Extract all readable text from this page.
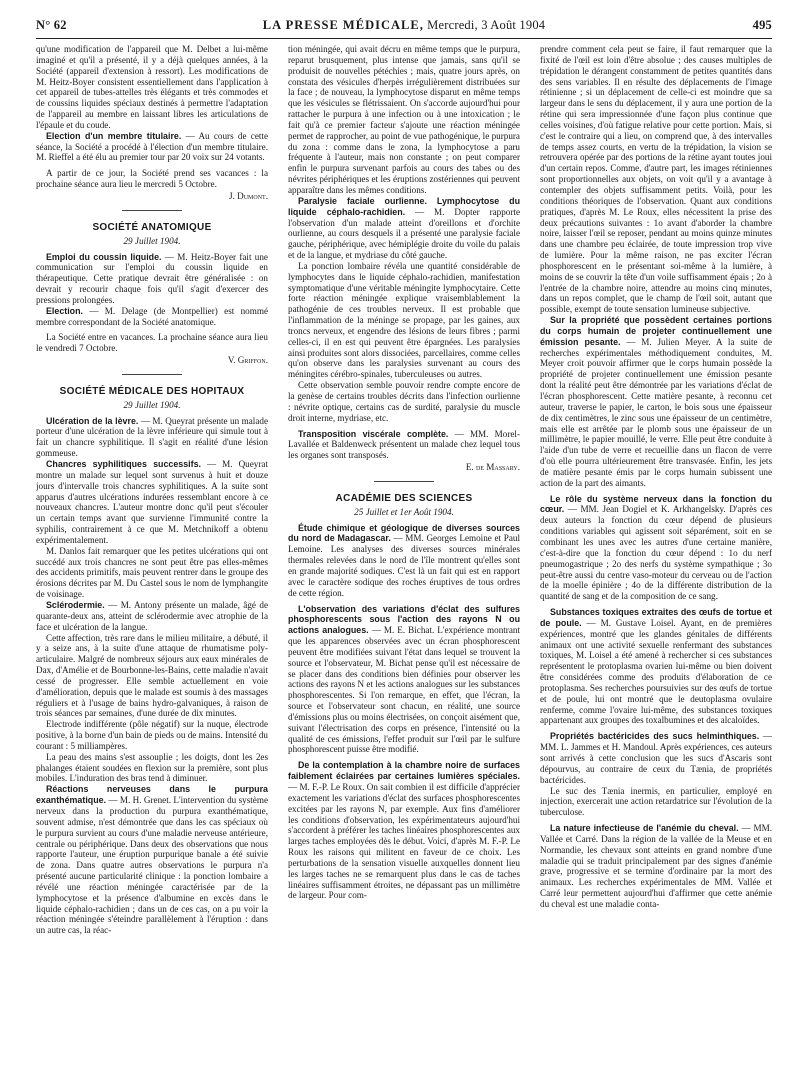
N° 62	LA PRESSE MÉDICALE, Mercredi, 3 Août 1904	495

qu'une modification de l'appareil que M. Delbet a lui-même imaginé et qu'il a présenté, il y a déjà quelques années, à la Société (appareil d'extension à ressort). Les modifications de M. Heitz-Boyer consistent essentiellement dans l'application à cet appareil de tubes-attelles très élégants et très commodes et de coussins liquides spéciaux destinés à permettre l'adaptation de l'appareil au membre en laissant libres les articulations de l'épaule et du coude.

Election d'un membre titulaire. — Au cours de cette séance, la Société a procédé à l'élection d'un membre titulaire. M. Rieffel a été élu au premier tour par 20 voix sur 24 votants.

A partir de ce jour, la Société prend ses vacances : la prochaine séance aura lieu le mercredi 5 Octobre.

J. Dumont.

SOCIÉTÉ ANATOMIQUE

29 Juillet 1904.

Emploi du coussin liquide. — M. Heitz-Boyer fait une communication sur l'emploi du coussin liquide en thérapeutique. Cette pratique devrait être généralisée : on devrait y recourir chaque fois qu'il s'agit d'exercer des pressions prolongées.

Election. — M. Delage (de Montpellier) est nommé membre correspondant de la Société anatomique.

La Société entre en vacances. La prochaine séance aura lieu le vendredi 7 Octobre.

V. Griffon.

SOCIÉTÉ MÉDICALE DES HOPITAUX

29 Juillet 1904.

Ulcération de la lèvre. — M. Queyrat présente un malade porteur d'une ulcération de la lèvre inférieure qui simule tout à fait un chancre syphilitique. Il s'agit en réalité d'une lésion gommeuse.

Chancres syphilitiques successifs. — M. Queyrat montre un malade sur lequel sont survenus à huit et douze jours d'intervalle trois chancres syphilitiques. A la suite sont apparus d'autres ulcérations indurées ressemblant encore à ce nouveaux chancres. L'auteur montre donc qu'il peut s'écouler un certain temps avant que survienne l'immunité contre la syphilis, contrairement à ce que M. Metchnikoff a obtenu expérimentalement.

M. Danlos fait remarquer que les petites ulcérations qui ont succédé aux trois chancres ne sont peut être pas elles-mêmes des accidents primitifs, mais peuvent rentrer dans le groupe des érosions décrites par M. Du Castel sous le nom de lymphangite de voisinage.

Sclérodermie. — M. Antony présente un malade, âgé de quarante-deux ans, atteint de sclérodermie avec atrophie de la face et ulcération de la langue.

Cette affection, très rare dans le milieu militaire, a débuté, il y a seize ans, à la suite d'une attaque de rhumatisme poly-articulaire. Malgré de nombreux séjours aux eaux minérales de Dax, d'Amélie et de Bourbonne-les-Bains, cette maladie n'avait cessé de progresser. Elle semble actuellement en voie d'amélioration, depuis que le malade est soumis à des massages réguliers et à l'usage de bains hydro-galvaniques, à raison de trois séances par semaines, d'une durée de dix minutes.

Electrode indifférente (pôle négatif) sur la nuque, électrode positive, à la borne d'un bain de pieds ou de mains. Intensité du courant : 5 milliampères.

La peau des mains s'est assouplie ; les doigts, dont les 2es phalanges étaient soudées en flexion sur la première, sont plus mobiles. L'induration des bras tend à diminuer.

Réactions nerveuses dans le purpura exanthématique. — M. H. Grenet. L'intervention du système nerveux dans la production du purpura exanthématique, souvent admise, n'est démontrée que dans les cas spéciaux où le purpura survient au cours d'une maladie nerveuse antérieure, centrale ou périphérique. Dans deux des observations que nous rapporte l'auteur, une éruption purpurique banale a été suivie de zona. Dans quatre autres observations le purpura n'a présenté aucune particularité clinique : la ponction lombaire a révélé une réaction méningée caractérisée par de la lymphocytose et la présence d'albumine en excès dans le liquide céphalo-rachidien ; dans un de ces cas, on a pu voir la réaction méningée s'éteindre parallèlement à l'éruption : dans un autre cas, la réac-

tion méningée, qui avait décru en même temps que le purpura, reparut brusquement, plus intense que jamais, sans qu'il se produisit de nouvelles pétéchies ; mais, quatre jours après, on constata des vésicules d'herpès irrégulièrement distribuées sur la face ; de nouveau, la lymphocytose disparut en même temps que les vésicules se flétrissaient. On s'accorde aujourd'hui pour rattacher le purpura à une infection ou à une intoxication ; le fait qu'à ce premier facteur s'ajoute une réaction méningée permet de rapprocher, au point de vue pathogénique, le purpura du zona : comme dans le zona, la lymphocytose a paru fréquente à l'auteur, mais non constante ; on peut comparer enfin le purpura survenant parfois au cours des tabes ou des névrites périphériques et les éruptions zostériennes qui peuvent apparaître dans les mêmes conditions.

Paralysie faciale ourlienne. Lymphocytose du liquide céphalo-rachidien. — M. Dopter rapporte l'observation d'un malade atteint d'oreillons et d'orchite ourlienne, au cours desquels il a présenté une paralysie faciale gauche, périphérique, avec hémiplégie droite du voile du palais et de la langue, et mydriase du côté gauche.

La ponction lombaire révéla une quantité considérable de lymphocytes dans le liquide céphalo-rachidien, manifestation symptomatique d'une véritable méningite lymphocytaire. Cette forte réaction méningée explique vraisemblablement la pathogénie de ces troubles nerveux. Il est probable que l'inflammation de la méninge se propage, par les gaines, aux troncs nerveux, et engendre des lésions de leurs fibres ; parmi celles-ci, il en est qui peuvent être épargnées. Les paralysies ainsi produites sont alors dissociées, parcellaires, comme celles qu'on observe dans les paralysies survenant au cours des méningites cérébro-spinales, tuberculeuses ou autres.

Cette observation semble pouvoir rendre compte encore de la genèse de certains troubles décrits dans l'infection ourlienne : névrite optique, certains cas de surdité, paralysie du muscle droit interne, mydriase, etc.

Transposition viscérale complète. — MM. Morel-Lavallée et Baldenweck présentent un malade chez lequel tous les organes sont transposés.

E. de Massary.

ACADÉMIE DES SCIENCES

25 Juillet et 1er Août 1904.

Étude chimique et géologique de diverses sources du nord de Madagascar. — MM. Georges Lemoine et Paul Lemoine. Les analyses des diverses sources minérales thermales relevées dans le nord de l'île montrent qu'elles sont en grande majorité sodiques. C'est là un fait qui est en rapport avec le caractère sodique des roches éruptives de tous ordres de cette région.

L'observation des variations d'éclat des sulfures phosphorescents sous l'action des rayons N ou actions analogues. — M. E. Bichat. L'expérience montrant que les apparences observées avec un écran phosphorescent peuvent être modifiées suivant l'état dans lequel se trouvent la source et l'observateur, M. Bichat pense qu'il est nécessaire de se placer dans des conditions bien définies pour observer les actions des rayons N et les actions analogues sur les substances phosphorescentes. Si l'on remarque, en effet, que l'écran, la source et l'observateur sont chacun, en réalité, une source d'émissions plus ou moins électrisées, on conçoit aisément que, suivant l'électrisation des corps en présence, l'intensité ou la qualité de ces émissions, l'effet produit sur l'œil par le sulfure phosphorescent puisse être modifié.

De la contemplation à la chambre noire de surfaces faiblement éclairées par certaines lumières spéciales. — M. F.-P. Le Roux. On sait combien il est difficile d'apprécier exactement les variations d'éclat des surfaces phosphorescentes excitées par les rayons N, par exemple. Aux fins d'améliorer les conditions d'observation, les expérimentateurs aujourd'hui s'accordent à préférer les taches linéaires phosphorescentes aux larges taches employées dès le début. Voici, d'après M. F.-P. Le Roux les raisons qui militent en faveur de ce choix. Les perturbations de la sensation visuelle auxquelles donnent lieu les larges taches ne se remarquent plus dans le cas de taches linéaires suffisamment étroites, ne dépassant pas un millimètre de largeur. Pour com-

prendre comment cela peut se faire, il faut remarquer que la fixité de l'œil est loin d'être absolue ; des causes multiples de trépidation le dérangent constamment de petites quantités dans des sens variables. Il en résulte des déplacements de l'image rétinienne ; si un déplacement de celle-ci est moindre que sa largeur dans le sens du déplacement, il y aura une portion de la rétine qui sera impressionnée d'une façon plus continue que celles voisines, d'où fatigue relative pour cette portion. Mais, si c'est le contraire qui a lieu, on comprend que, à des intervalles de temps assez courts, en vertu de la trépidation, la vision se retrouvera opérée par des portions de la rétine ayant toutes joui d'un certain repos. Comme, d'autre part, les images rétiniennes sont proportionnelles aux objets, on voit qu'il y a avantage à contempler des objets suffisamment petits. Voilà, pour les conditions théoriques de l'observation. Quant aux conditions pratiques, d'après M. Le Roux, elles nécessitent la prise des deux précautions suivantes : 1o avant d'aborder la chambre noire, laisser l'œil se reposer, pendant au moins quinze minutes dans une chambre peu éclairée, de toute impression trop vive de lumière. Pour la même raison, ne pas exciter l'écran phosphorescent en le présentant soi-même à la lumière, à moins de se couvrir la tête d'un voile suffisamment épais ; 2o à l'entrée de la chambre noire, attendre au moins cinq minutes, dans un repos complet, que le champ de l'œil soit, autant que possible, exempt de toute sensation lumineuse subjective.

Sur la propriété que possèdent certaines portions du corps humain de projeter continuellement une émission pesante. — M. Julien Meyer. A la suite de recherches expérimentales méthodiquement conduites, M. Meyer croit pouvoir affirmer que le corps humain possède la propriété de projeter continuellement une émission pesante dont la réalité peut être démontrée par les variations d'éclat de l'écran phosphorescent. Cette matière pesante, à reconnu cet auteur, traverse le papier, le carton, le bois sous une épaisseur de dix centimètres, le zinc sous une épaisseur de un centimètre, mais elle est arrêtée par le plomb sous une épaisseur de un millimètre, le papier mouillé, le verre. Elle peut être conduite à l'aide d'un tube de verre et recueillie dans un flacon de verre d'où elle pourra ultérieurement être transvasée. Enfin, les jets de matière pesante émis par le corps humain subissent une action de la part des aimants.

Le rôle du système nerveux dans la fonction du cœur. — MM. Jean Dogiel et K. Arkhangelsky. D'après ces deux auteurs la fonction du cœur dépend de plusieurs conditions variables qui agissent soit séparément, soit en se combinant les unes avec les autres d'une certaine manière, c'est-à-dire que la fonction du cœur dépend : 1o du nerf pneumogastrique ; 2o des nerfs du système sympathique ; 3o peut-être aussi du centre vaso-moteur du cerveau ou de l'action de la moelle épinière ; 4o de la différente distribution de la quantité de sang et de la composition de ce sang.

Substances toxiques extraites des œufs de tortue et de poule. — M. Gustave Loisel. Ayant, en de premières expériences, montré que les glandes génitales de différents animaux ont une activité sexuelle renfermant des substances toxiques, M. Loisel a été amené à rechercher si ces substances représentent le protoplasma ovarien lui-même ou bien doivent être considérées comme des produits d'élaboration de ce protoplasma. Ses recherches poursuivies sur des œufs de tortue et de poule, lui ont montré que le deutoplasma ovulaire renferme, comme l'ovaire lui-même, des substances toxiques appartenant aux groupes des toxalbumines et des alcaloïdes.

Propriétés bactéricides des sucs helminthiques. — MM. L. Jammes et H. Mandoul. Après expériences, ces auteurs sont arrivés à cette conclusion que les sucs d'Ascaris sont dépourvus, au contraire de ceux du Tænia, de propriétés bactéricides.

Le suc des Tænia inermis, en particulier, employé en injection, exercerait une action retardatrice sur l'évolution de la tuberculose.

La nature infectieuse de l'anémie du cheval. — MM. Vallée et Carré. Dans la région de la vallée de la Meuse et en Normandie, les chevaux sont atteints en grand nombre d'une maladie qui se traduit principalement par des signes d'anémie grave, progressive et se termine d'ordinaire par la mort des animaux. Les recherches expérimentales de MM. Vallée et Carré leur permettent aujourd'hui d'affirmer que cette anémie du cheval est une maladie conta-
